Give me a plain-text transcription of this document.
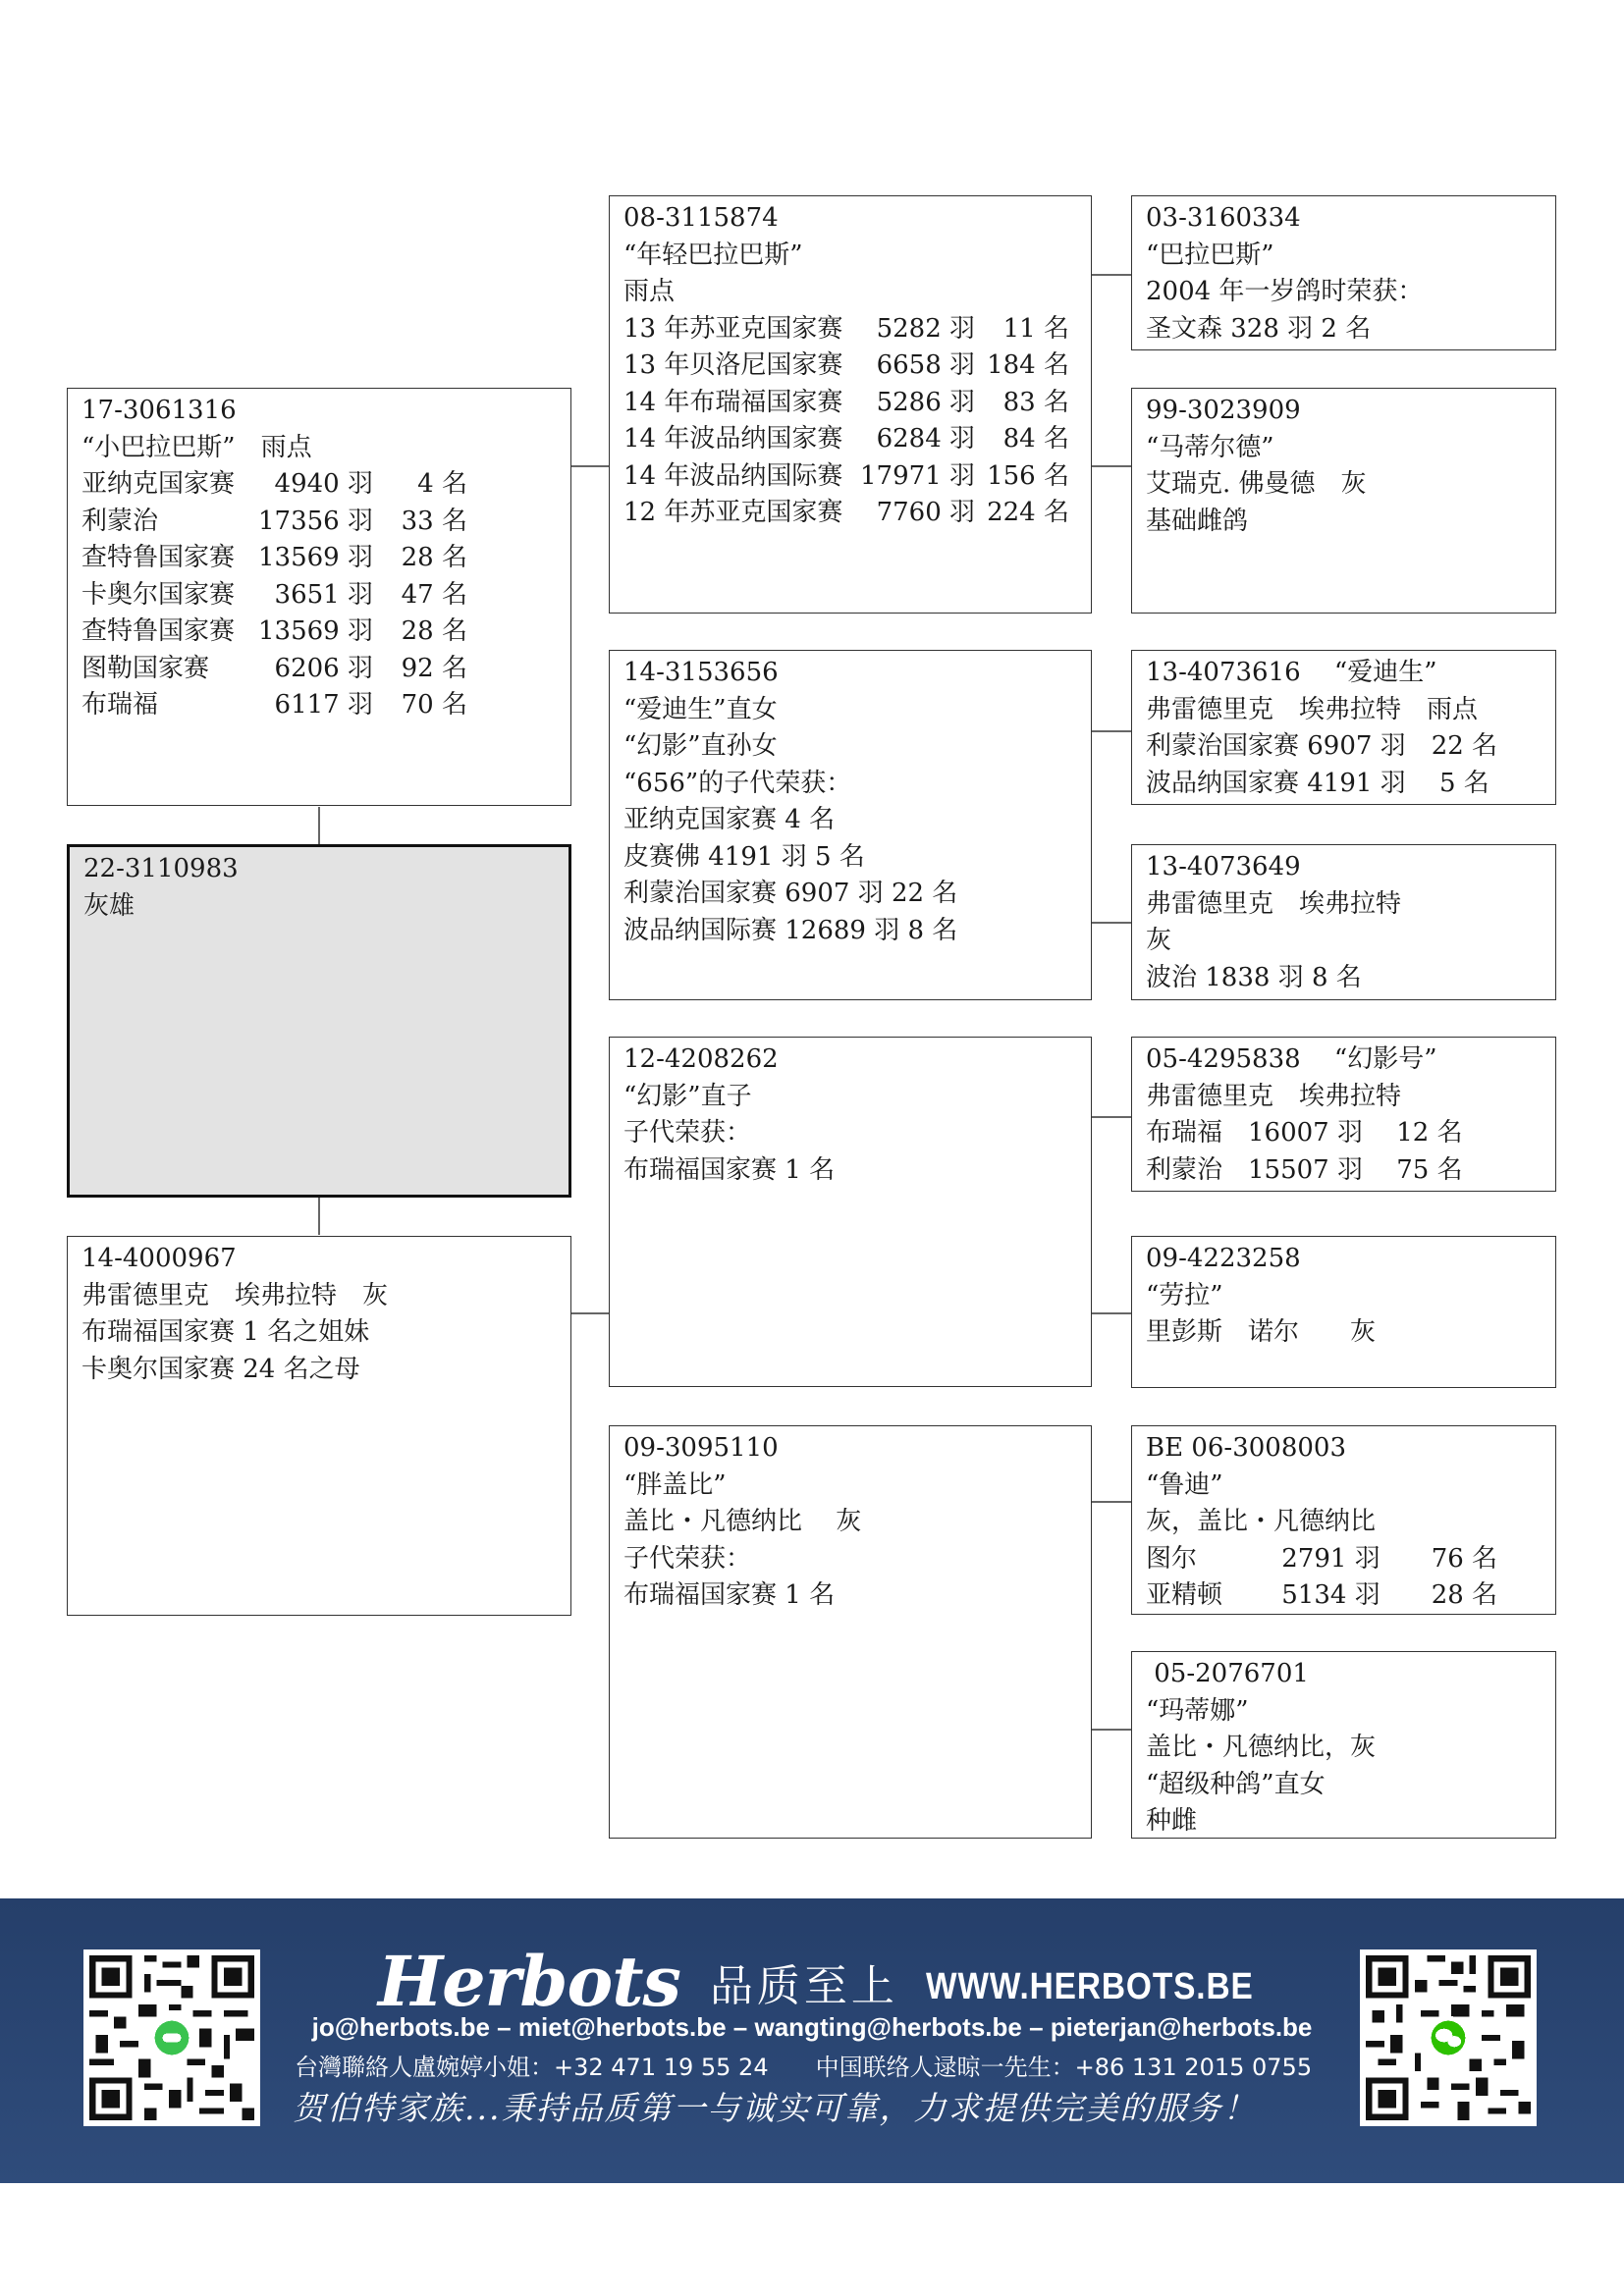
22-3110983
灰雄
17-3061316
“小巴拉巴斯”　雨点
亚纳克国家赛	4940 羽	4 名
利蒙治	17356 羽	33 名
查特鲁国家赛	13569 羽	28 名
卡奥尔国家赛	3651 羽	47 名
查特鲁国家赛	13569 羽	28 名
图勒国家赛	6206 羽	92 名
布瑞福	6117 羽	70 名
14-4000967
弗雷德里克　埃弗拉特　灰
布瑞福国家赛 1 名之姐妹
卡奥尔国家赛 24 名之母
08-3115874
“年轻巴拉巴斯”
雨点
13 年苏亚克国家赛	5282 羽	11 名
13 年贝洛尼国家赛	6658 羽	184 名
14 年布瑞福国家赛	5286 羽	83 名
14 年波品纳国家赛	6284 羽	84 名
14 年波品纳国际赛	17971 羽	156 名
12 年苏亚克国家赛	7760 羽	224 名
14-3153656
“爱迪生”直女
“幻影”直孙女
“656”的子代荣获：
亚纳克国家赛 4 名
皮赛佛 4191 羽 5 名
利蒙治国家赛 6907 羽 22 名
波品纳国际赛 12689 羽 8 名
12-4208262
“幻影”直子
子代荣获：
布瑞福国家赛 1 名
09-3095110
“胖盖比”
盖比・凡德纳比　 灰
子代荣获：
布瑞福国家赛 1 名
03-3160334
“巴拉巴斯”
2004 年一岁鸽时荣获：
圣文森 328 羽 2 名
99-3023909
“马蒂尔德”
艾瑞克. 佛曼德　灰
基础雌鸽
13-4073616　 “爱迪生”
弗雷德里克　埃弗拉特　雨点
利蒙治国家赛 6907 羽　22 名
波品纳国家赛 4191 羽　 5 名
13-4073649
弗雷德里克　埃弗拉特
灰
波治 1838 羽 8 名
05-4295838　 “幻影号”
弗雷德里克　埃弗拉特
布瑞福　16007 羽　 12 名
利蒙治　15507 羽　 75 名
09-4223258
“劳拉”
里彭斯　诺尔　　灰
BE 06-3008003
“鲁迪”
灰，盖比・凡德纳比
图尔　　　 2791 羽　　76 名
亚精顿　　 5134 羽　　28 名
05-2076701
“玛蒂娜”
盖比・凡德纳比，灰
“超级种鸽”直女
种雌
Herbots 品质至上 WWW.HERBOTS.BE
jo@herbots.be – miet@herbots.be – wangting@herbots.be – pieterjan@herbots.be
台灣聯絡人盧婉婷小姐：+32 471 19 55 24　　中国联络人逯晾一先生：+86 131 2015 0755
贺伯特家族...秉持品质第一与诚实可靠，力求提供完美的服务！
